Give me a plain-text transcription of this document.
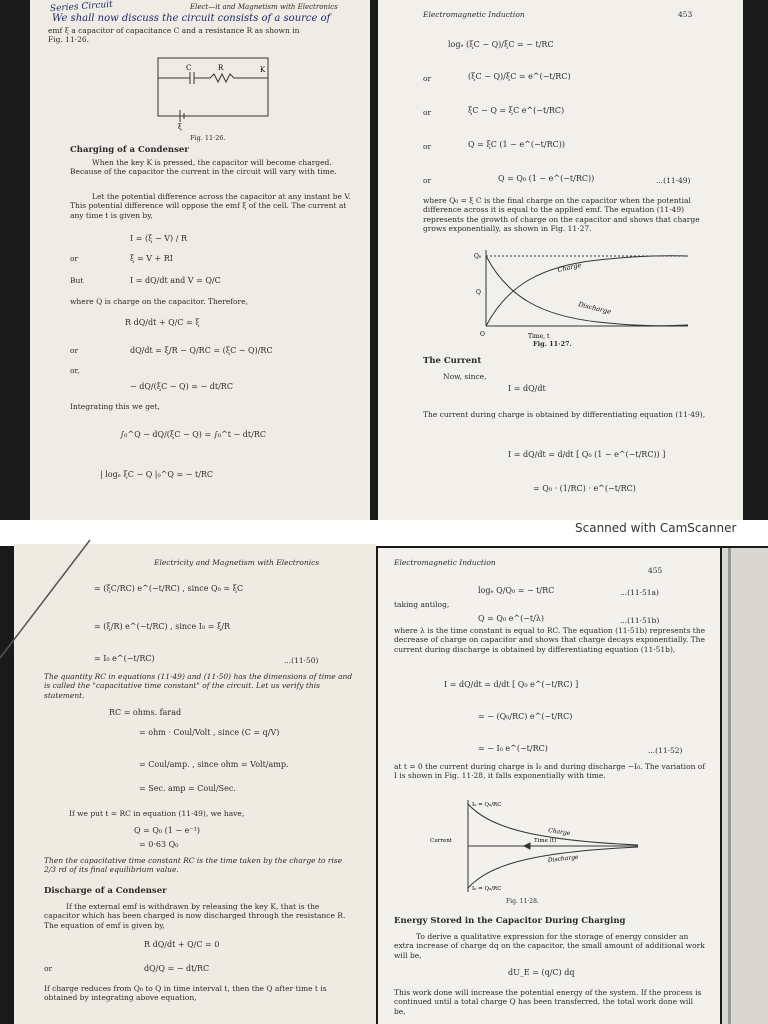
Elect—it and Magnetism with Electronics
Series Circuit
We shall now discuss the circuit consists of a source of
emf ξ a capacitor of capacitance C and a resistance R as shown in
Fig. 11·26.
C	R	K
ξ
Fig. 11·26.
Charging of a Condenser
When the key K is pressed, the capacitor will become charged. Because of the capacitor the current in the circuit will vary with time.
Let the potential difference across the capacitor at any instant be V. This potential difference will oppose the emf ξ of the cell. The current at any time t is given by,
I = (ξ − V) / R
or	ξ = V + RI
But	I = dQ/dt and V = Q/C
where Q is charge on the capacitor. Therefore,
R dQ/dt + Q/C = ξ
or	dQ/dt = ξ/R − Q/RC = (ξC − Q)/RC
or,
− dQ/(ξC − Q) = − dt/RC
Integrating this we get,
∫₀^Q − dQ/(ξC − Q) = ∫₀^t − dt/RC
| logₑ ξC − Q |₀^Q = − t/RC
Electromagnetic Induction	453
logₑ (ξC − Q)/ξC = − t/RC
or	(ξC − Q)/ξC = e^(−t/RC)
or	ξC − Q = ξC e^(−t/RC)
or	Q = ξC (1 − e^(−t/RC))
or	Q = Q₀ (1 − e^(−t/RC))	...(11·49)
where Q₀ = ξ C is the final charge on the capacitor when the potential difference across it is equal to the applied emf. The equation (11·49) represents the growth of charge on the capacitor and shows that charge grows exponentially, as shown in Fig. 11·27.
Q₀
Q
Charge
Discharge
O	Time, t
Fig. 11·27.
The Current
Now, since,
I = dQ/dt
The current during charge is obtained by differentiating equation (11·49),
I = dQ/dt = d/dt [ Q₀ (1 − e^(−t/RC)) ]
= Q₀ · (1/RC) · e^(−t/RC)
Scanned with CamScanner
Electricity and Magnetism with Electronics
= (ξC/RC) e^(−t/RC) , since Q₀ = ξC
= (ξ/R) e^(−t/RC) , since I₀ = ξ/R
= I₀ e^(−t/RC)	...(11·50)
The quantity RC in equations (11·49) and (11·50) has the dimensions of time and is called the "capacitative time constant" of the circuit. Let us verify this statement.
RC = ohms. farad
= ohm · Coul/Volt , since (C = q/V)
= Coul/amp. , since ohm = Volt/amp.
= Sec. amp = Coul/Sec.
If we put t = RC in equation (11·49), we have,
Q = Q₀ (1 − e⁻¹)
= 0·63 Q₀
Then the capacitative time constant RC is the time taken by the charge to rise 2/3 rd of its final equilibrium value.
Discharge of a Condenser
If the external emf is withdrawn by releasing the key K, that is the capacitor which has been charged is now discharged through the resistance R. The equation of emf is given by,
R dQ/dt + Q/C = 0
or	dQ/Q = − dt/RC
If charge reduces from Q₀ to Q in time interval t, then the Q after time t is obtained by integrating above equation,
Electromagnetic Induction
455
logₑ Q/Q₀ = − t/RC	...(11·51a)
taking antilog,
Q = Q₀ e^(−t/λ)	...(11·51b)
where λ is the time constant is equal to RC. The equation (11·51b) represents the decrease of charge on capacitor and shows that charge decays exponentially. The current during discharge is obtained by differentiating equation (11·51b),
I = dQ/dt = d/dt [ Q₀ e^(−t/RC) ]
= − (Q₀/RC) e^(−t/RC)
= − I₀ e^(−t/RC)	...(11·52)
at t = 0 the current during charge is I₀ and during discharge −I₀. The variation of I is shown in Fig. 11·28, it falls exponentially with time.
I₀ = Q₀/RC
I₀ = Q₀/RC
Current
Charge
Time (t)
Discharge
Fig. 11·28.
Energy Stored in the Capacitor During Charging
To derive a qualitative expression for the storage of energy consider an extra increase of charge dq on the capacitor, the small amount of additional work will be,
dU_E = (q/C) dq
This work done will increase the potential energy of the system. If the process is continued until a total charge Q has been transferred, the total work done will be,
